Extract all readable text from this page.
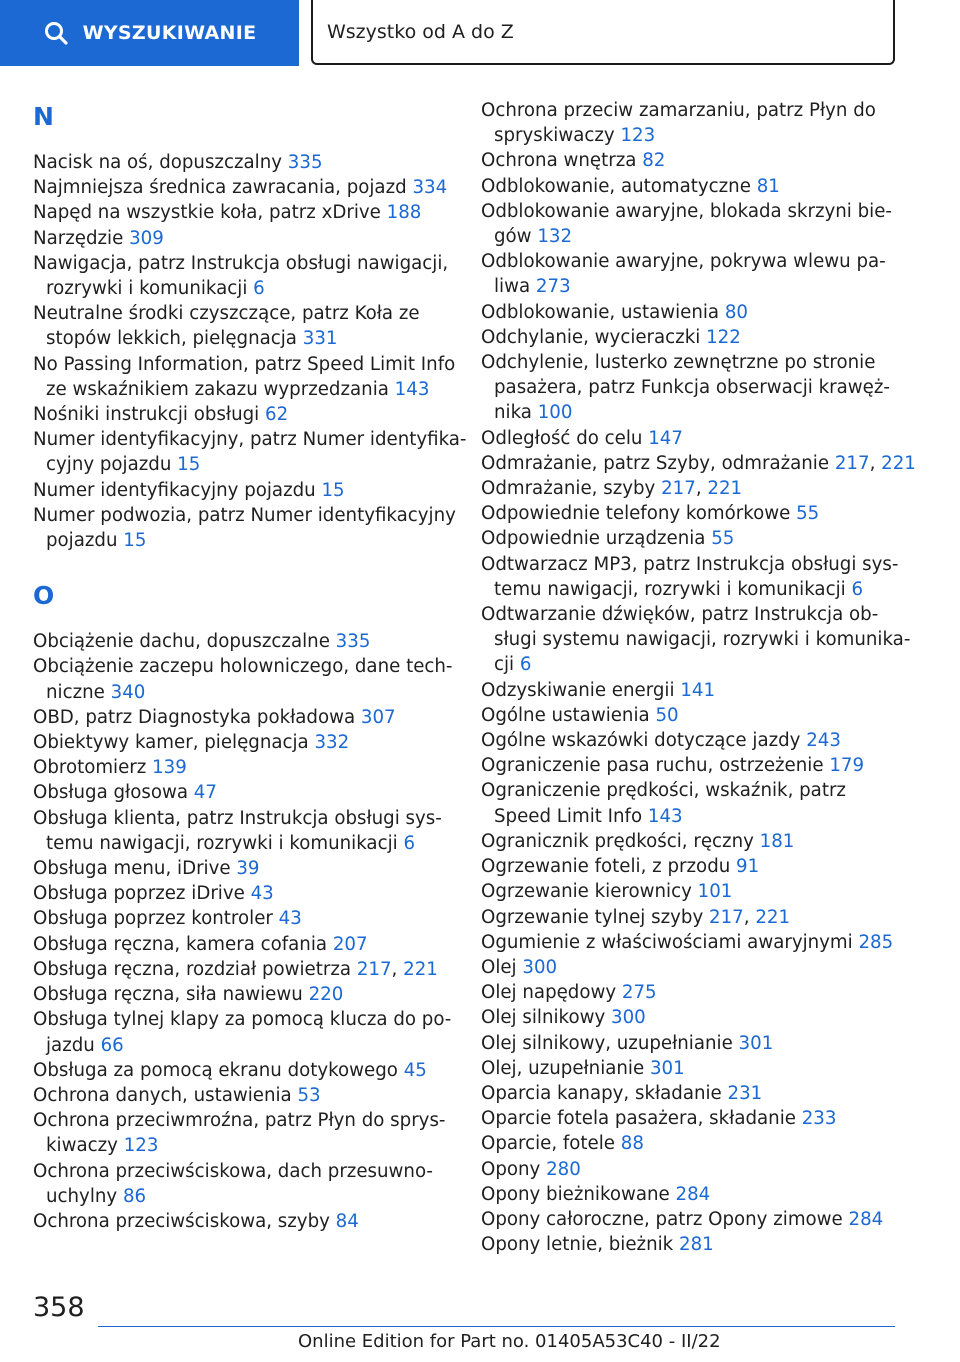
WYSZUKIWANIE	Wszystko od A do Z
N
Nacisk na oś, dopuszczalny 335
Najmniejsza średnica zawracania, pojazd 334
Napęd na wszystkie koła, patrz xDrive 188
Narzędzie 309
Nawigacja, patrz Instrukcja obsługi nawigacji,
rozrywki i komunikacji 6
Neutralne środki czyszczące, patrz Koła ze
stopów lekkich, pielęgnacja 331
No Passing Information, patrz Speed Limit Info
ze wskaźnikiem zakazu wyprzedzania 143
Nośniki instrukcji obsługi 62
Numer identyfikacyjny, patrz Numer identyfika-
cyjny pojazdu 15
Numer identyfikacyjny pojazdu 15
Numer podwozia, patrz Numer identyfikacyjny
pojazdu 15
O
Obciążenie dachu, dopuszczalne 335
Obciążenie zaczepu holowniczego, dane tech-
niczne 340
OBD, patrz Diagnostyka pokładowa 307
Obiektywy kamer, pielęgnacja 332
Obrotomierz 139
Obsługa głosowa 47
Obsługa klienta, patrz Instrukcja obsługi sys-
temu nawigacji, rozrywki i komunikacji 6
Obsługa menu, iDrive 39
Obsługa poprzez iDrive 43
Obsługa poprzez kontroler 43
Obsługa ręczna, kamera cofania 207
Obsługa ręczna, rozdział powietrza 217, 221
Obsługa ręczna, siła nawiewu 220
Obsługa tylnej klapy za pomocą klucza do po-
jazdu 66
Obsługa za pomocą ekranu dotykowego 45
Ochrona danych, ustawienia 53
Ochrona przeciwmroźna, patrz Płyn do sprys-
kiwaczy 123
Ochrona przeciwściskowa, dach przesuwno-
uchylny 86
Ochrona przeciwściskowa, szyby 84
Ochrona przeciw zamarzaniu, patrz Płyn do
spryskiwaczy 123
Ochrona wnętrza 82
Odblokowanie, automatyczne 81
Odblokowanie awaryjne, blokada skrzyni bie-
gów 132
Odblokowanie awaryjne, pokrywa wlewu pa-
liwa 273
Odblokowanie, ustawienia 80
Odchylanie, wycieraczki 122
Odchylenie, lusterko zewnętrzne po stronie
pasażera, patrz Funkcja obserwacji krawęż-
nika 100
Odległość do celu 147
Odmrażanie, patrz Szyby, odmrażanie 217, 221
Odmrażanie, szyby 217, 221
Odpowiednie telefony komórkowe 55
Odpowiednie urządzenia 55
Odtwarzacz MP3, patrz Instrukcja obsługi sys-
temu nawigacji, rozrywki i komunikacji 6
Odtwarzanie dźwięków, patrz Instrukcja ob-
sługi systemu nawigacji, rozrywki i komunika-
cji 6
Odzyskiwanie energii 141
Ogólne ustawienia 50
Ogólne wskazówki dotyczące jazdy 243
Ograniczenie pasa ruchu, ostrzeżenie 179
Ograniczenie prędkości, wskaźnik, patrz
Speed Limit Info 143
Ogranicznik prędkości, ręczny 181
Ogrzewanie foteli, z przodu 91
Ogrzewanie kierownicy 101
Ogrzewanie tylnej szyby 217, 221
Ogumienie z właściwościami awaryjnymi 285
Olej 300
Olej napędowy 275
Olej silnikowy 300
Olej silnikowy, uzupełnianie 301
Olej, uzupełnianie 301
Oparcia kanapy, składanie 231
Oparcie fotela pasażera, składanie 233
Oparcie, fotele 88
Opony 280
Opony bieżnikowane 284
Opony całoroczne, patrz Opony zimowe 284
Opony letnie, bieżnik 281
358
Online Edition for Part no. 01405A53C40 - II/22
